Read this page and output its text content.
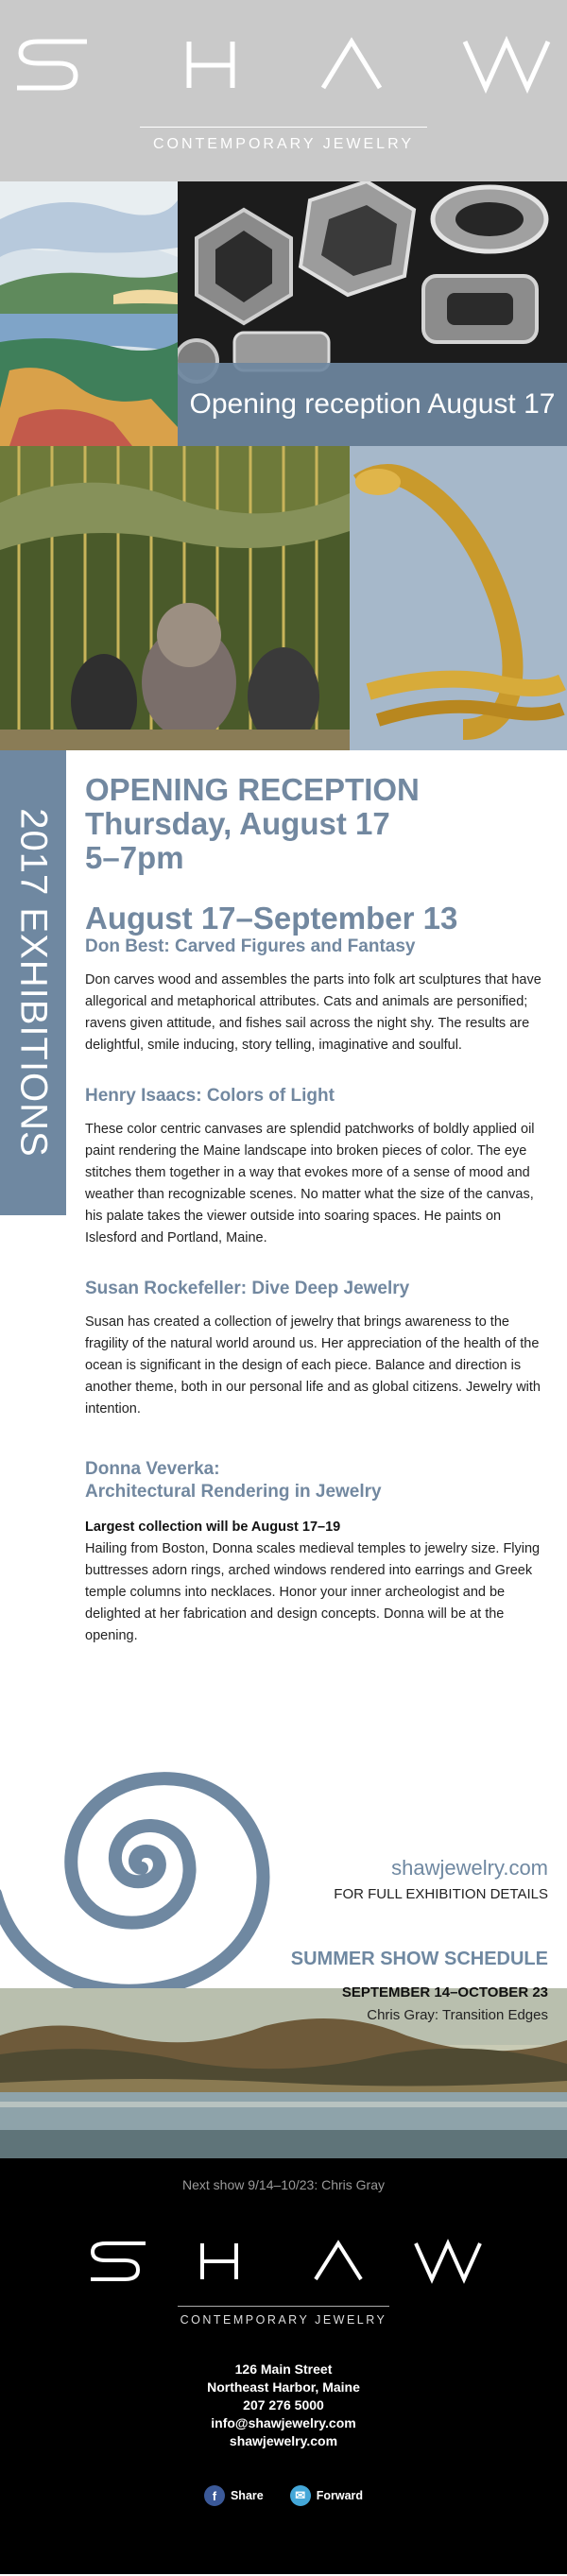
CONTEMPORARY JEWELRY
Opening reception August 17
2017 EXHIBITIONS
OPENING RECEPTION
Thursday, August 17
5–7pm
August 17–September 13
Don Best: Carved Figures and Fantasy
Don carves wood and assembles the parts into folk art sculptures that have allegorical and metaphorical attributes. Cats and animals are personified; ravens given attitude, and fishes sail across the night shy. The results are delightful, smile inducing, story telling, imaginative and soulful.
Henry Isaacs: Colors of Light
These color centric canvases are splendid patchworks of boldly applied oil paint rendering the Maine landscape into broken pieces of color. The eye stitches them together in a way that evokes more of a sense of mood and weather than recognizable scenes. No matter what the size of the canvas, his palate takes the viewer outside into soaring spaces. He paints on Islesford and Portland, Maine.
Susan Rockefeller: Dive Deep Jewelry
Susan has created a collection of jewelry that brings awareness to the fragility of the natural world around us. Her appreciation of the health of the ocean is significant in the design of each piece. Balance and direction is another theme, both in our personal life and as global citizens. Jewelry with intention.
Donna Veverka:
Architectural Rendering in Jewelry
Largest collection will be August 17–19
Hailing from Boston, Donna scales medieval temples to jewelry size. Flying buttresses adorn rings, arched windows rendered into earrings and Greek temple columns into necklaces. Honor your inner archeologist and be delighted at her fabrication and design concepts. Donna will be at the opening.
shawjewelry.com
FOR FULL EXHIBITION DETAILS
SUMMER SHOW SCHEDULE
SEPTEMBER 14–OCTOBER 23
Chris Gray: Transition Edges
Next show 9/14–10/23: Chris Gray
CONTEMPORARY JEWELRY
126 Main Street
Northeast Harbor, Maine
207 276 5000
info@shawjewelry.com
shawjewelry.com
f	Share	✉ Forward
